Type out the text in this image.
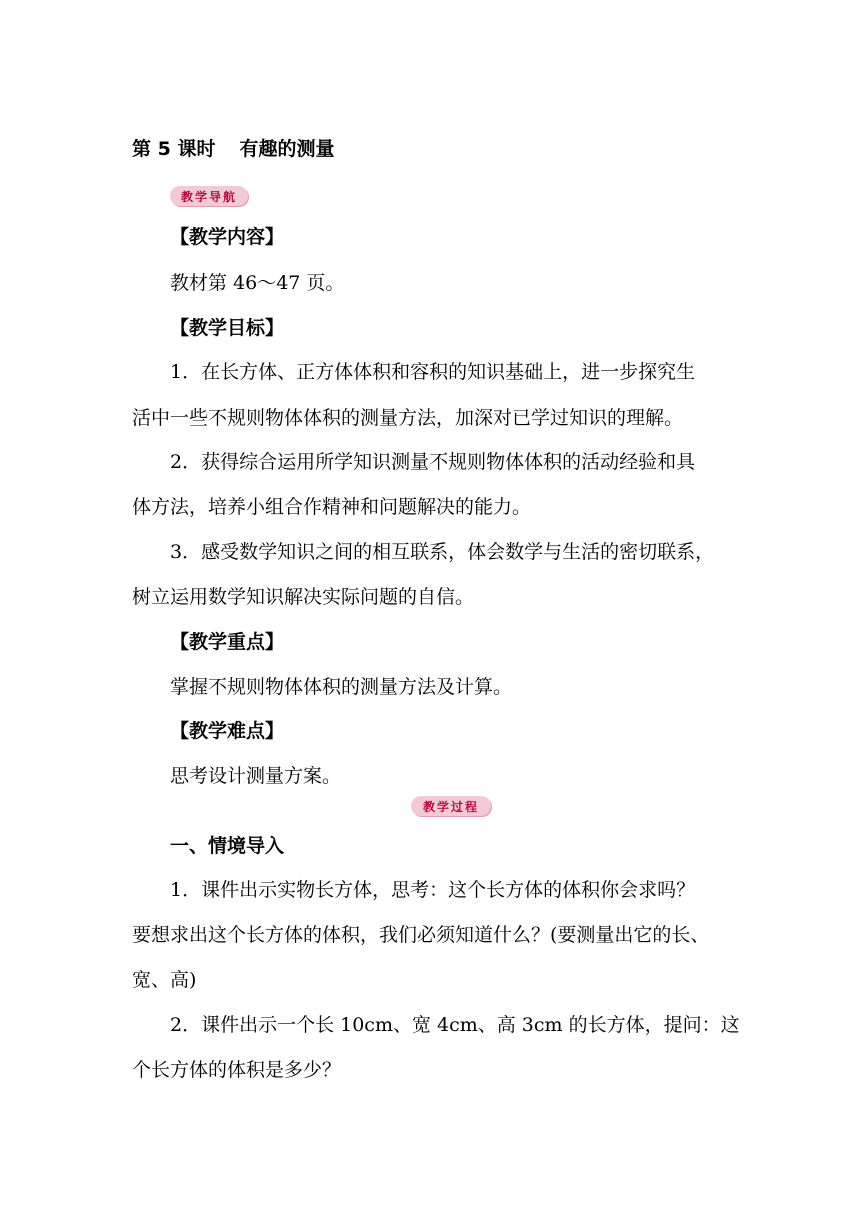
第 5 课时 有趣的测量
教学导航
【教学内容】
教材第 46～47 页。
【教学目标】
1．在长方体、正方体体积和容积的知识基础上，进一步探究生
活中一些不规则物体体积的测量方法，加深对已学过知识的理解。
2．获得综合运用所学知识测量不规则物体体积的活动经验和具
体方法，培养小组合作精神和问题解决的能力。
3．感受数学知识之间的相互联系，体会数学与生活的密切联系，
树立运用数学知识解决实际问题的自信。
【教学重点】
掌握不规则物体体积的测量方法及计算。
【教学难点】
思考设计测量方案。
教学过程
一、情境导入
1．课件出示实物长方体，思考：这个长方体的体积你会求吗？
要想求出这个长方体的体积，我们必须知道什么？(要测量出它的长、
宽、高)
2．课件出示一个长 10cm、宽 4cm、高 3cm 的长方体，提问：这
个长方体的体积是多少？
